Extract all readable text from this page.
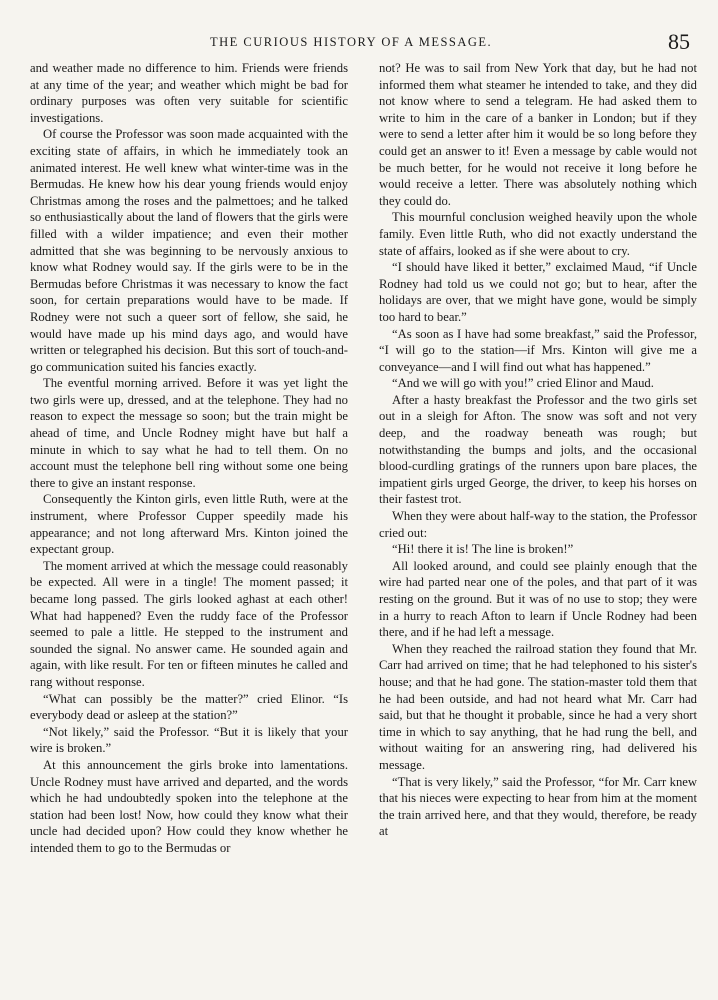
THE CURIOUS HISTORY OF A MESSAGE.	85

and weather made no difference to him. Friends were friends at any time of the year; and weather which might be bad for ordinary purposes was often very suitable for scientific investigations.

Of course the Professor was soon made acquainted with the exciting state of affairs, in which he immediately took an animated interest. He well knew what winter-time was in the Bermudas. He knew how his dear young friends would enjoy Christmas among the roses and the palmettoes; and he talked so enthusiastically about the land of flowers that the girls were filled with a wilder impatience; and even their mother admitted that she was beginning to be nervously anxious to know what Rodney would say. If the girls were to be in the Bermudas before Christmas it was necessary to know the fact soon, for certain preparations would have to be made. If Rodney were not such a queer sort of fellow, she said, he would have made up his mind days ago, and would have written or telegraphed his decision. But this sort of touch-and-go communication suited his fancies exactly.

The eventful morning arrived. Before it was yet light the two girls were up, dressed, and at the telephone. They had no reason to expect the message so soon; but the train might be ahead of time, and Uncle Rodney might have but half a minute in which to say what he had to tell them. On no account must the telephone bell ring without some one being there to give an instant response.

Consequently the Kinton girls, even little Ruth, were at the instrument, where Professor Cupper speedily made his appearance; and not long afterward Mrs. Kinton joined the expectant group.

The moment arrived at which the message could reasonably be expected. All were in a tingle! The moment passed; it became long passed. The girls looked aghast at each other! What had happened? Even the ruddy face of the Professor seemed to pale a little. He stepped to the instrument and sounded the signal. No answer came. He sounded again and again, with like result. For ten or fifteen minutes he called and rang without response.

“What can possibly be the matter?” cried Elinor. “Is everybody dead or asleep at the station?”

“Not likely,” said the Professor. “But it is likely that your wire is broken.”

At this announcement the girls broke into lamentations. Uncle Rodney must have arrived and departed, and the words which he had undoubtedly spoken into the telephone at the station had been lost! Now, how could they know what their uncle had decided upon? How could they know whether he intended them to go to the Bermudas or

not? He was to sail from New York that day, but he had not informed them what steamer he intended to take, and they did not know where to send a telegram. He had asked them to write to him in the care of a banker in London; but if they were to send a letter after him it would be so long before they could get an answer to it! Even a message by cable would not be much better, for he would not receive it long before he would receive a letter. There was absolutely nothing which they could do.

This mournful conclusion weighed heavily upon the whole family. Even little Ruth, who did not exactly understand the state of affairs, looked as if she were about to cry.

“I should have liked it better,” exclaimed Maud, “if Uncle Rodney had told us we could not go; but to hear, after the holidays are over, that we might have gone, would be simply too hard to bear.”

“As soon as I have had some breakfast,” said the Professor, “I will go to the station—if Mrs. Kinton will give me a conveyance—and I will find out what has happened.”

“And we will go with you!” cried Elinor and Maud.

After a hasty breakfast the Professor and the two girls set out in a sleigh for Afton. The snow was soft and not very deep, and the roadway beneath was rough; but notwithstanding the bumps and jolts, and the occasional blood-curdling gratings of the runners upon bare places, the impatient girls urged George, the driver, to keep his horses on their fastest trot.

When they were about half-way to the station, the Professor cried out:

“Hi! there it is! The line is broken!”

All looked around, and could see plainly enough that the wire had parted near one of the poles, and that part of it was resting on the ground. But it was of no use to stop; they were in a hurry to reach Afton to learn if Uncle Rodney had been there, and if he had left a message.

When they reached the railroad station they found that Mr. Carr had arrived on time; that he had telephoned to his sister's house; and that he had gone. The station-master told them that he had been outside, and had not heard what Mr. Carr had said, but that he thought it probable, since he had a very short time in which to say anything, that he had rung the bell, and without waiting for an answering ring, had delivered his message.

“That is very likely,” said the Professor, “for Mr. Carr knew that his nieces were expecting to hear from him at the moment the train arrived here, and that they would, therefore, be ready at
